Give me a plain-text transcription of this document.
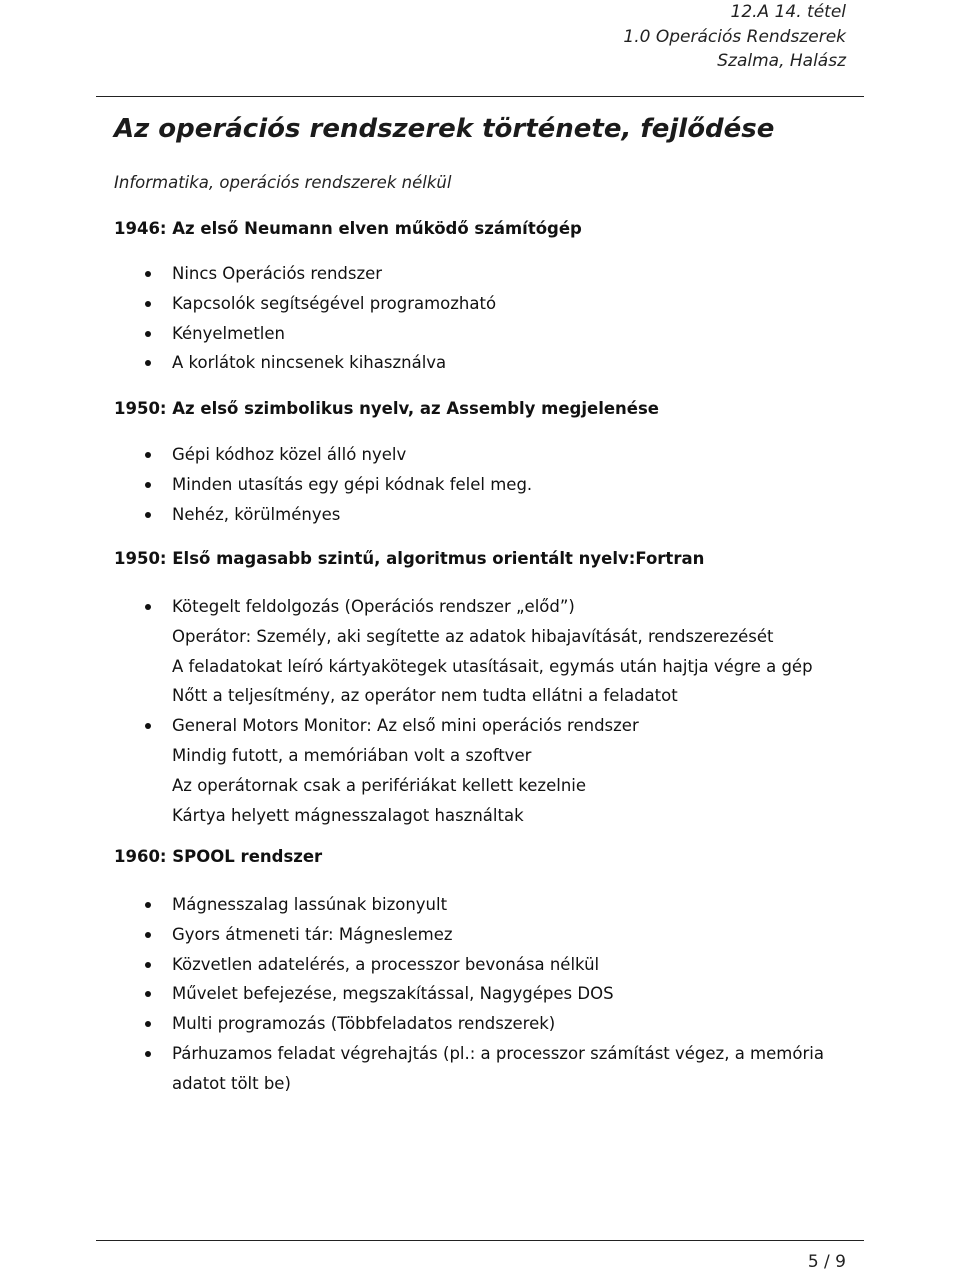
12.A 14. tétel
1.0 Operációs Rendszerek
Szalma, Halász
Az operációs rendszerek története, fejlődése
Informatika, operációs rendszerek nélkül
1946: Az első Neumann elven működő számítógép
Nincs Operációs rendszer
Kapcsolók segítségével programozható
Kényelmetlen
A korlátok nincsenek kihasználva
1950: Az első szimbolikus nyelv, az Assembly megjelenése
Gépi kódhoz közel álló nyelv
Minden utasítás egy gépi kódnak felel meg.
Nehéz, körülményes
1950: Első magasabb szintű, algoritmus orientált nyelv:Fortran
Kötegelt feldolgozás (Operációs rendszer „előd”)
Operátor: Személy, aki segítette az adatok hibajavítását, rendszerezését
A feladatokat leíró kártyakötegek utasításait, egymás után hajtja végre a gép
Nőtt a teljesítmény, az operátor nem tudta ellátni a feladatot
General Motors Monitor: Az első mini operációs rendszer
Mindig futott, a memóriában volt a szoftver
Az operátornak csak a perifériákat kellett kezelnie
Kártya helyett mágnesszalagot használtak
1960: SPOOL rendszer
Mágnesszalag lassúnak bizonyult
Gyors átmeneti tár: Mágneslemez
Közvetlen adatelérés, a processzor bevonása nélkül
Művelet befejezése, megszakítással, Nagygépes DOS
Multi programozás (Többfeladatos rendszerek)
Párhuzamos feladat végrehajtás (pl.: a processzor számítást végez, a memória adatot tölt be)
5 / 9
